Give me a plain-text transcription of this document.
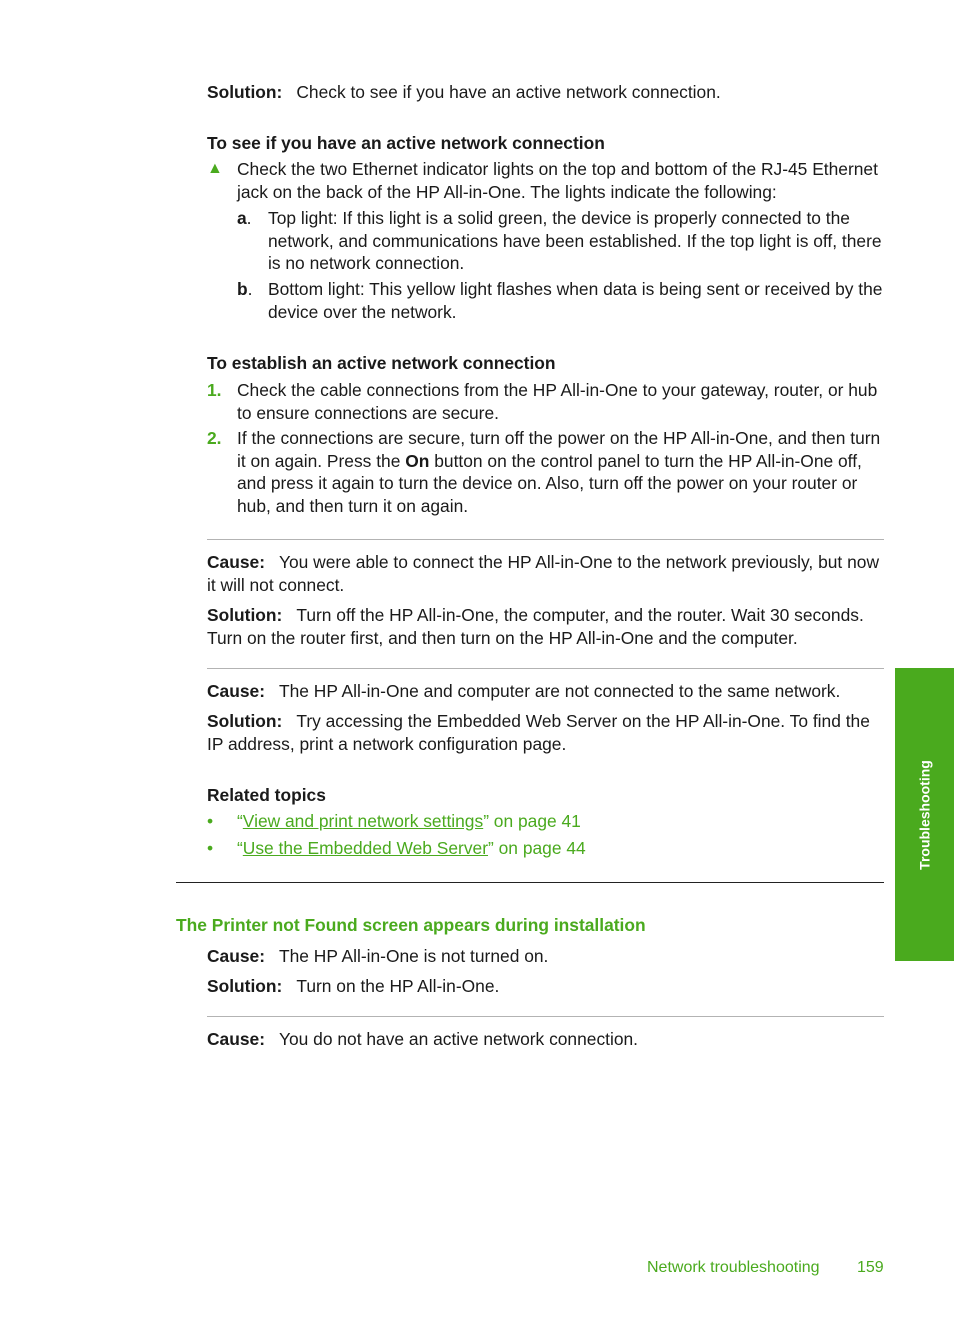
Solution: Check to see if you have an active network connection.
To see if you have an active network connection
▲ Check the two Ethernet indicator lights on the top and bottom of the RJ-45 Ethernet jack on the back of the HP All-in-One. The lights indicate the following:
a. Top light: If this light is a solid green, the device is properly connected to the network, and communications have been established. If the top light is off, there is no network connection.
b. Bottom light: This yellow light flashes when data is being sent or received by the device over the network.
To establish an active network connection
1. Check the cable connections from the HP All-in-One to your gateway, router, or hub to ensure connections are secure.
2. If the connections are secure, turn off the power on the HP All-in-One, and then turn it on again. Press the On button on the control panel to turn the HP All-in-One off, and press it again to turn the device on. Also, turn off the power on your router or hub, and then turn it on again.
Cause: You were able to connect the HP All-in-One to the network previously, but now it will not connect.
Solution: Turn off the HP All-in-One, the computer, and the router. Wait 30 seconds. Turn on the router first, and then turn on the HP All-in-One and the computer.
Cause: The HP All-in-One and computer are not connected to the same network.
Solution: Try accessing the Embedded Web Server on the HP All-in-One. To find the IP address, print a network configuration page.
Related topics
• “View and print network settings” on page 41
• “Use the Embedded Web Server” on page 44
The Printer not Found screen appears during installation
Cause: The HP All-in-One is not turned on.
Solution: Turn on the HP All-in-One.
Cause: You do not have an active network connection.
Troubleshooting
Network troubleshooting 159
